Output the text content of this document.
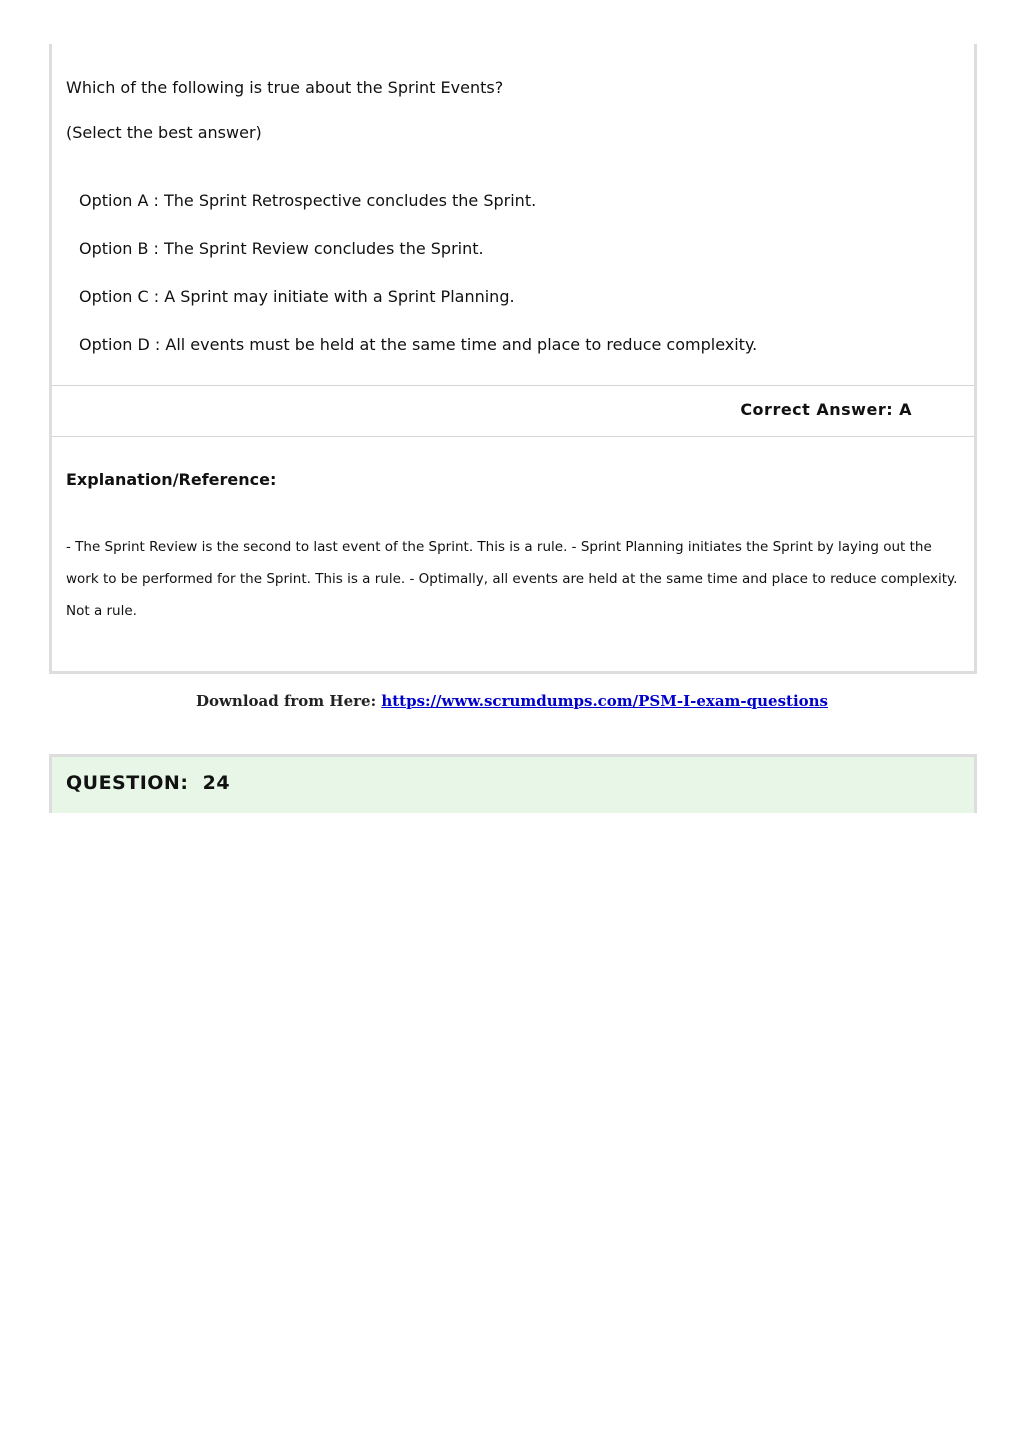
Which of the following is true about the Sprint Events?

(Select the best answer)

Option A : The Sprint Retrospective concludes the Sprint.

Option B : The Sprint Review concludes the Sprint.

Option C : A Sprint may initiate with a Sprint Planning.

Option D : All events must be held at the same time and place to reduce complexity.

Correct Answer: A

Explanation/Reference:

- The Sprint Review is the second to last event of the Sprint. This is a rule. - Sprint Planning initiates the Sprint by laying out the work to be performed for the Sprint. This is a rule. - Optimally, all events are held at the same time and place to reduce complexity. Not a rule.

Download from Here: https://www.scrumdumps.com/PSM-I-exam-questions

QUESTION:  24
